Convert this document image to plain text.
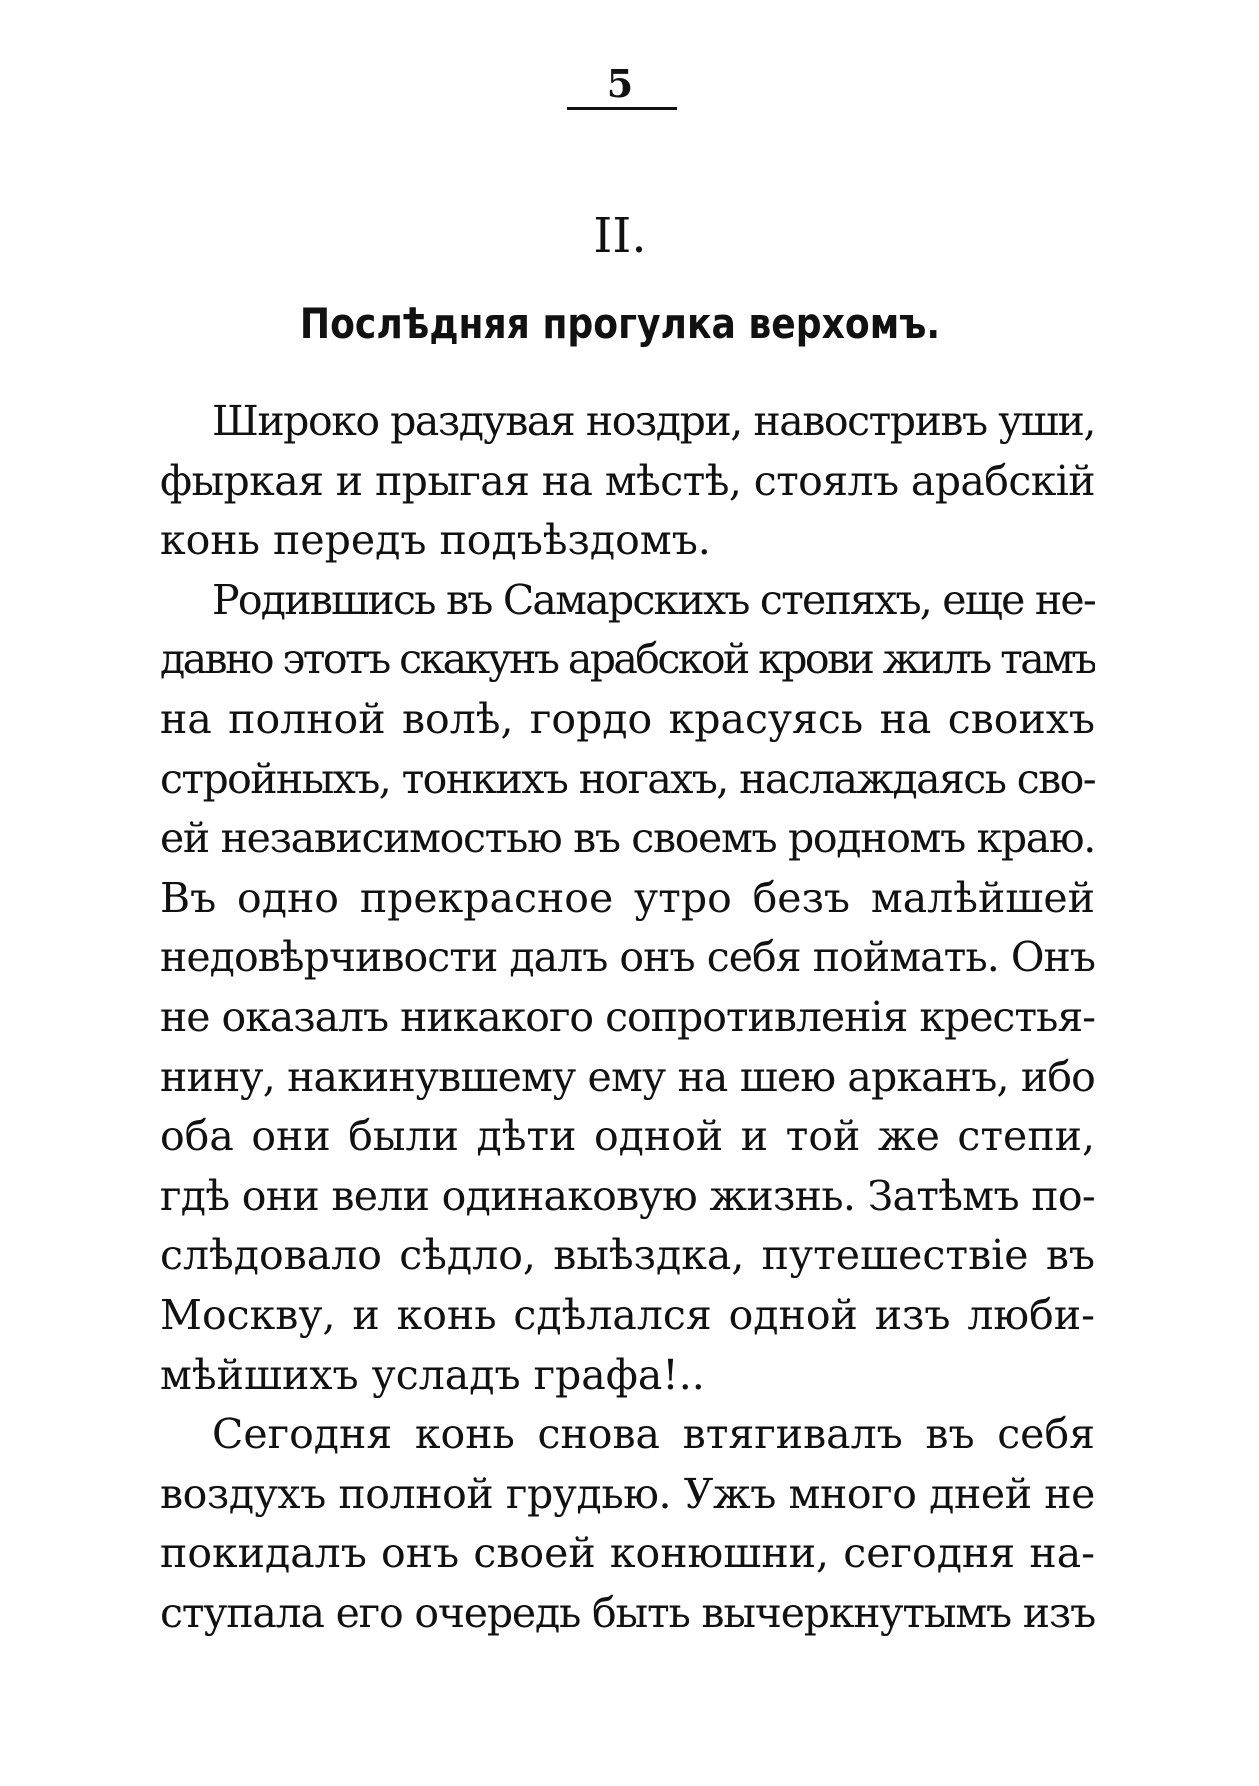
5
II.
Послѣдняя прогулка верхомъ.
Широко раздувая ноздри, навостривъ уши,
фыркая и прыгая на мѣстѣ, стоялъ арабскій
конь передъ подъѣздомъ.
Родившись въ Самарскихъ степяхъ, еще не-
давно этотъ скакунъ арабской крови жилъ тамъ
на полной волѣ, гордо красуясь на своихъ
стройныхъ, тонкихъ ногахъ, наслаждаясь сво-
ей независимостью въ своемъ родномъ краю.
Въ одно прекрасное утро безъ малѣйшей
недовѣрчивости далъ онъ себя поймать. Онъ
не оказалъ никакого сопротивленія крестья-
нину, накинувшему ему на шею арканъ, ибо
оба они были дѣти одной и той же степи,
гдѣ они вели одинаковую жизнь. Затѣмъ по-
слѣдовало сѣдло, выѣздка, путешествіе въ
Москву, и конь сдѣлался одной изъ люби-
мѣйшихъ усладъ графа!..
Сегодня конь снова втягивалъ въ себя
воздухъ полной грудью. Ужъ много дней не
покидалъ онъ своей конюшни, сегодня на-
ступала его очередь быть вычеркнутымъ изъ
